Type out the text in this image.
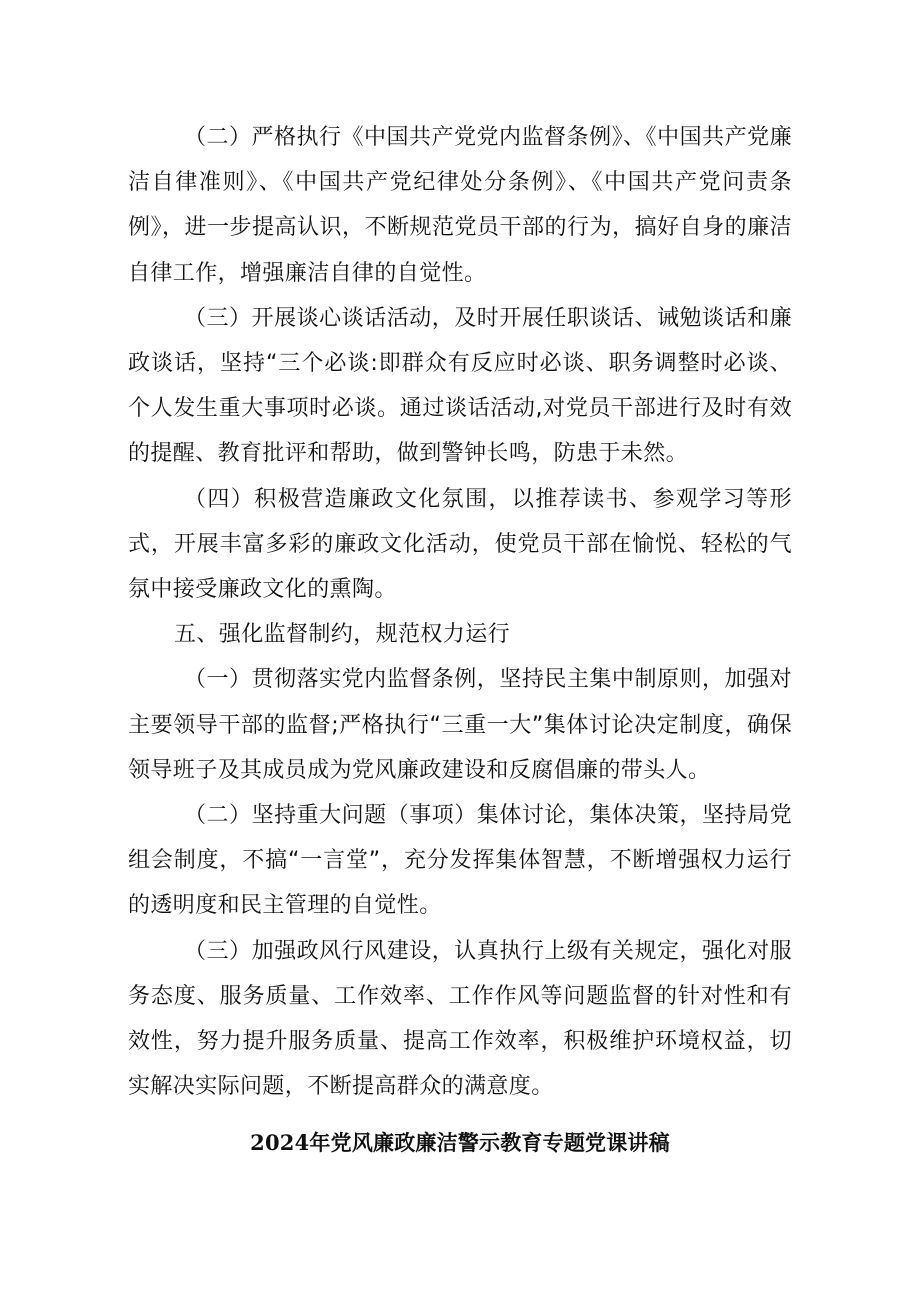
（二）严格执行《中国共产党党内监督条例》、《中国共产党廉洁自律准则》、《中国共产党纪律处分条例》、《中国共产党问责条例》，进一步提高认识，不断规范党员干部的行为，搞好自身的廉洁自律工作，增强廉洁自律的自觉性。

（三）开展谈心谈话活动，及时开展任职谈话、诫勉谈话和廉政谈话，坚持“三个必谈:即群众有反应时必谈、职务调整时必谈、个人发生重大事项时必谈。通过谈话活动,对党员干部进行及时有效的提醒、教育批评和帮助，做到警钟长鸣，防患于未然。

（四）积极营造廉政文化氛围，以推荐读书、参观学习等形式，开展丰富多彩的廉政文化活动，使党员干部在愉悦、轻松的气氛中接受廉政文化的熏陶。

五、强化监督制约，规范权力运行

（一）贯彻落实党内监督条例，坚持民主集中制原则，加强对主要领导干部的监督;严格执行“三重一大”集体讨论决定制度，确保领导班子及其成员成为党风廉政建设和反腐倡廉的带头人。

（二）坚持重大问题（事项）集体讨论，集体决策，坚持局党组会制度，不搞“一言堂”，充分发挥集体智慧，不断增强权力运行的透明度和民主管理的自觉性。

（三）加强政风行风建设，认真执行上级有关规定，强化对服务态度、服务质量、工作效率、工作作风等问题监督的针对性和有效性，努力提升服务质量、提高工作效率，积极维护环境权益，切实解决实际问题，不断提高群众的满意度。

2024年党风廉政廉洁警示教育专题党课讲稿
